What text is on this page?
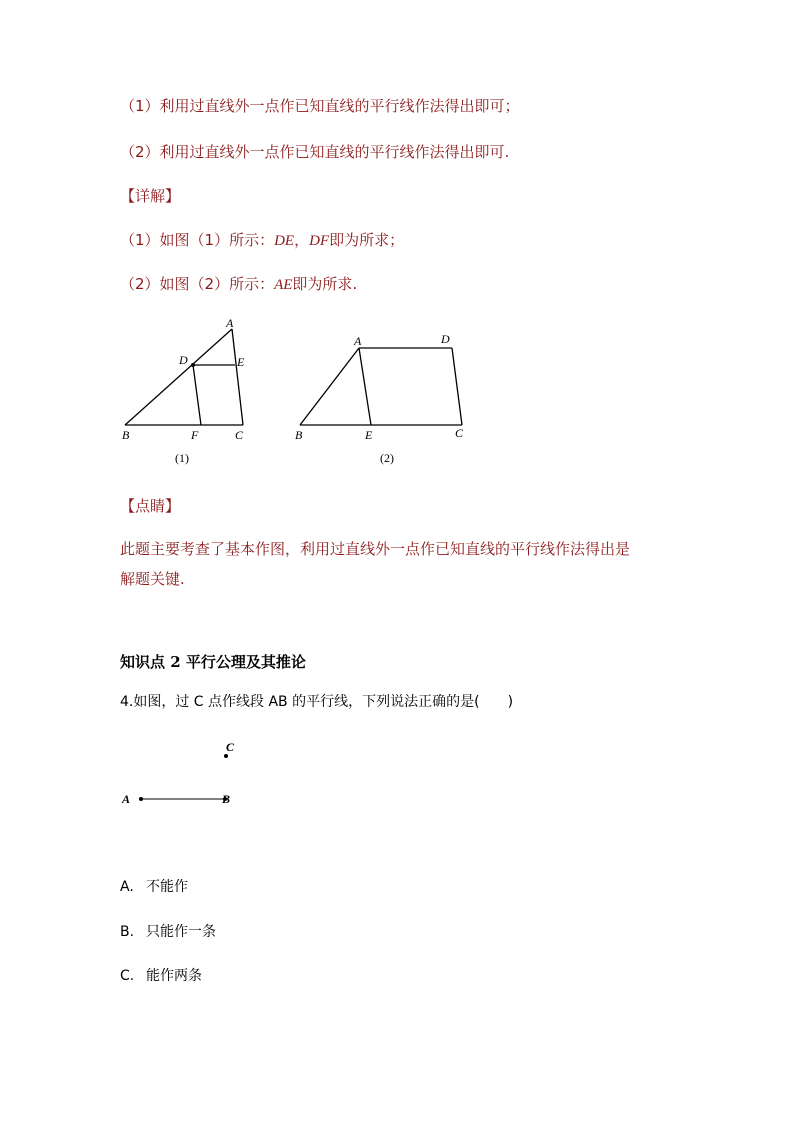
（1）利用过直线外一点作已知直线的平行线作法得出即可；
（2）利用过直线外一点作已知直线的平行线作法得出即可.
【详解】
（1）如图（1）所示：DE，DF即为所求；
（2）如图（2）所示：AE即为所求.
A
D	E
B	F	C
(1)
A	D
B	E	C
(2)
【点睛】
此题主要考查了基本作图，利用过直线外一点作已知直线的平行线作法得出是
解题关键.
知识点 2 平行公理及其推论
4.如图，过 C 点作线段 AB 的平行线，下列说法正确的是(　　)
A	B
C
A. 不能作
B. 只能作一条
C. 能作两条
